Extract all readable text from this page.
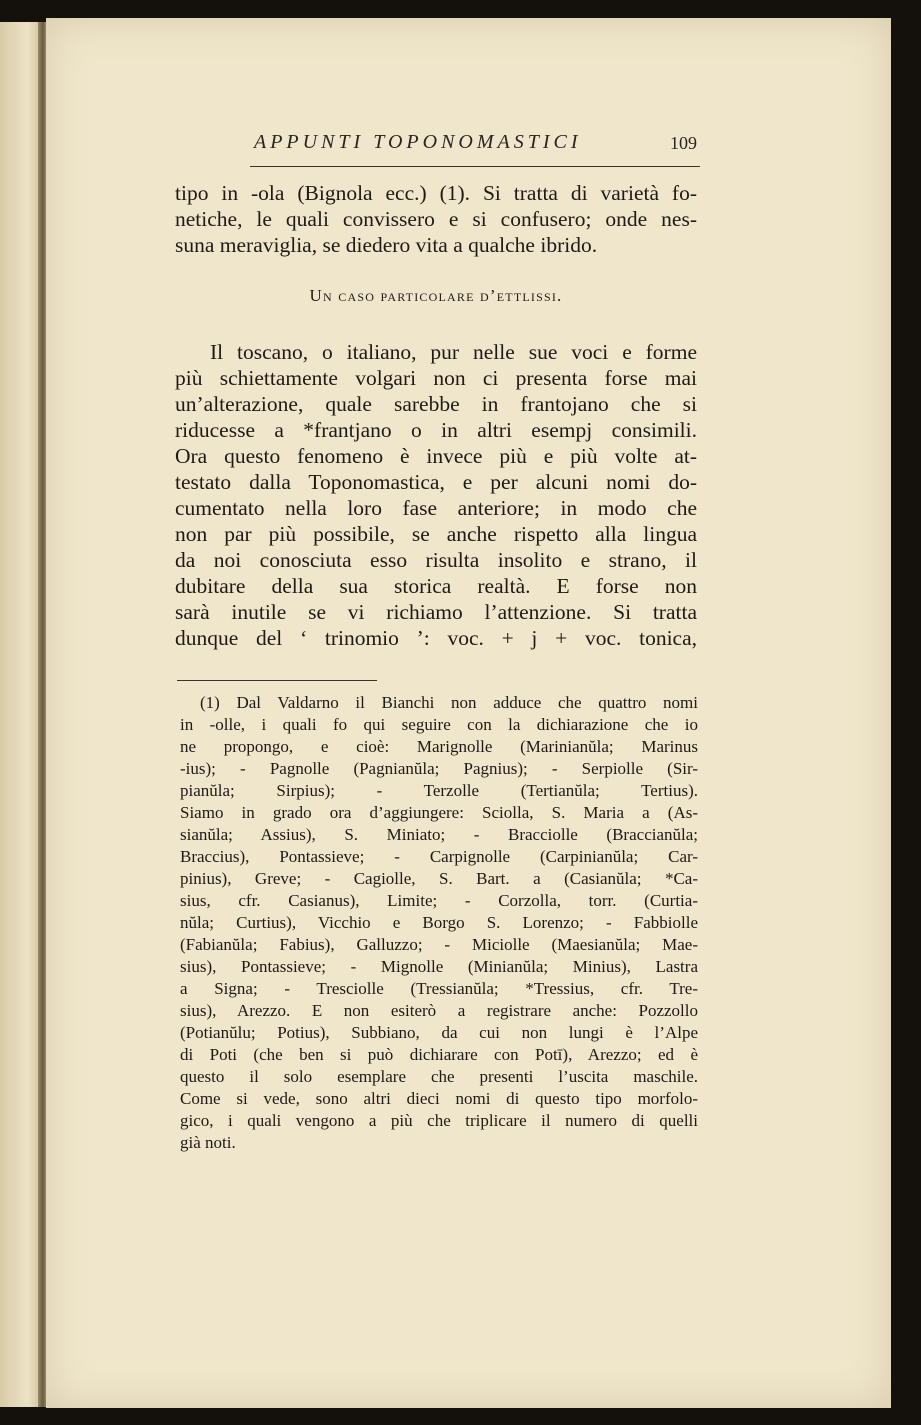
APPUNTI TOPONOMASTICI	109
tipo in -ola (Bignola ecc.) (1). Si tratta di varietà fo-
netiche, le quali convissero e si confusero; onde nes-
suna meraviglia, se diedero vita a qualche ibrido.
Un caso particolare d’ettlissi.
Il toscano, o italiano, pur nelle sue voci e forme
più schiettamente volgari non ci presenta forse mai
un’alterazione, quale sarebbe in frantojano che si
riducesse a *frantjano o in altri esempj consimili.
Ora questo fenomeno è invece più e più volte at-
testato dalla Toponomastica, e per alcuni nomi do-
cumentato nella loro fase anteriore; in modo che
non par più possibile, se anche rispetto alla lingua
da noi conosciuta esso risulta insolito e strano, il
dubitare della sua storica realtà. E forse non
sarà inutile se vi richiamo l’attenzione. Si tratta
dunque del ‘ trinomio ’: voc. + j + voc. tonica,
(1) Dal Valdarno il Bianchi non adduce che quattro nomi
in -olle, i quali fo qui seguire con la dichiarazione che io
ne propongo, e cioè: Marignolle (Marinianŭla; Marinus
-ius); - Pagnolle (Pagnianŭla; Pagnius); - Serpiolle (Sir-
pianŭla; Sirpius); - Terzolle (Tertianŭla; Tertius).
Siamo in grado ora d’aggiungere: Sciolla, S. Maria a (As-
sianŭla; Assius), S. Miniato; - Bracciolle (Braccianŭla;
Braccius), Pontassieve; - Carpignolle (Carpinianŭla; Car-
pinius), Greve; - Cagiolle, S. Bart. a (Casianŭla; *Ca-
sius, cfr. Casianus), Limite; - Corzolla, torr. (Curtia-
nŭla; Curtius), Vicchio e Borgo S. Lorenzo; - Fabbiolle
(Fabianŭla; Fabius), Galluzzo; - Miciolle (Maesianŭla; Mae-
sius), Pontassieve; - Mignolle (Minianŭla; Minius), Lastra
a Signa; - Tresciolle (Tressianŭla; *Tressius, cfr. Tre-
sius), Arezzo. E non esiterò a registrare anche: Pozzollo
(Potianŭlu; Potius), Subbiano, da cui non lungi è l’Alpe
di Poti (che ben si può dichiarare con Potī), Arezzo; ed è
questo il solo esemplare che presenti l’uscita maschile.
Come si vede, sono altri dieci nomi di questo tipo morfolo-
gico, i quali vengono a più che triplicare il numero di quelli
già noti.
